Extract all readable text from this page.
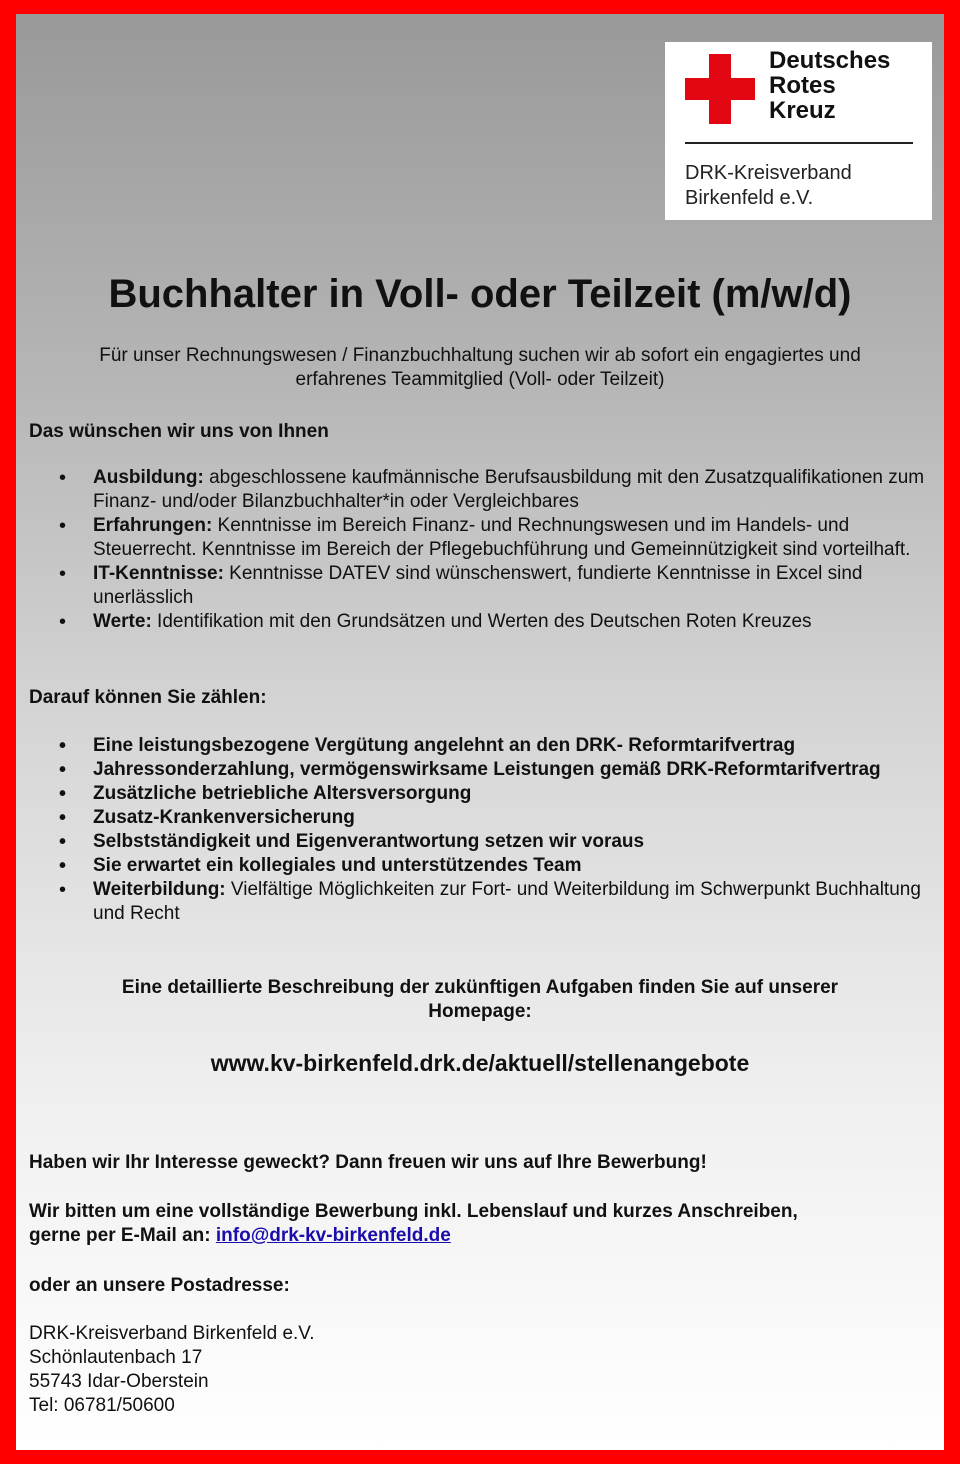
Deutsches
Rotes
Kreuz
DRK-Kreisverband
Birkenfeld e.V.
Buchhalter in Voll- oder Teilzeit (m/w/d)
Für unser Rechnungswesen / Finanzbuchhaltung suchen wir ab sofort ein engagiertes und
erfahrenes Teammitglied (Voll- oder Teilzeit)
Das wünschen wir uns von Ihnen
• Ausbildung: abgeschlossene kaufmännische Berufsausbildung mit den Zusatzqualifikationen zum Finanz- und/oder Bilanzbuchhalter*in oder Vergleichbares
• Erfahrungen: Kenntnisse im Bereich Finanz- und Rechnungswesen und im Handels- und Steuerrecht. Kenntnisse im Bereich der Pflegebuchführung und Gemeinnützigkeit sind vorteilhaft.
• IT-Kenntnisse: Kenntnisse DATEV sind wünschenswert, fundierte Kenntnisse in Excel sind unerlässlich
• Werte: Identifikation mit den Grundsätzen und Werten des Deutschen Roten Kreuzes
Darauf können Sie zählen:
• Eine leistungsbezogene Vergütung angelehnt an den DRK- Reformtarifvertrag
• Jahressonderzahlung, vermögenswirksame Leistungen gemäß DRK-Reformtarifvertrag
• Zusätzliche betriebliche Altersversorgung
• Zusatz-Krankenversicherung
• Selbstständigkeit und Eigenverantwortung setzen wir voraus
• Sie erwartet ein kollegiales und unterstützendes Team
• Weiterbildung: Vielfältige Möglichkeiten zur Fort- und Weiterbildung im Schwerpunkt Buchhaltung und Recht
Eine detaillierte Beschreibung der zukünftigen Aufgaben finden Sie auf unserer
Homepage:
www.kv-birkenfeld.drk.de/aktuell/stellenangebote
Haben wir Ihr Interesse geweckt? Dann freuen wir uns auf Ihre Bewerbung!
Wir bitten um eine vollständige Bewerbung inkl. Lebenslauf und kurzes Anschreiben,
gerne per E-Mail an: info@drk-kv-birkenfeld.de
oder an unsere Postadresse:
DRK-Kreisverband Birkenfeld e.V.
Schönlautenbach 17
55743 Idar-Oberstein
Tel: 06781/50600
